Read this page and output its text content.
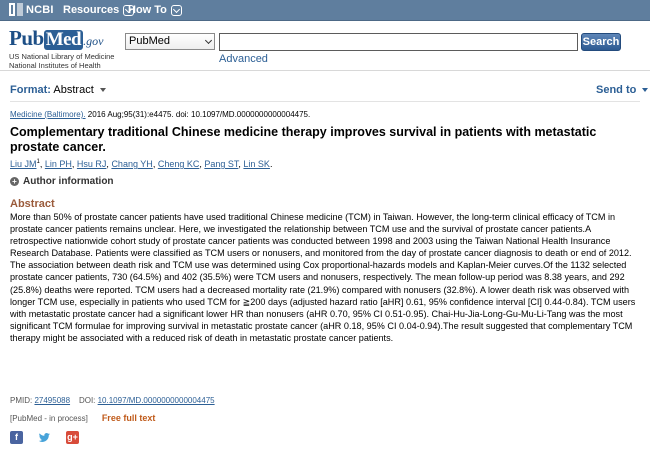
NCBI Resources How To
Pub Med .gov
US National Library of Medicine
National Institutes of Health
PubMed	Search
Advanced
Format: Abstract	Send to
Medicine (Baltimore). 2016 Aug;95(31):e4475. doi: 10.1097/MD.0000000000004475.
Complementary traditional Chinese medicine therapy improves survival in patients with metastatic prostate cancer.
Liu $JM^1$, Lin PH, Hsu RJ, Chang YH, Cheng KC, Pang ST, Lin SK.
+ Author information
Abstract
More than 50% of prostate cancer patients have used traditional Chinese medicine (TCM) in Taiwan. However, the long-term clinical efficacy of TCM in prostate cancer patients remains unclear. Here, we investigated the relationship between TCM use and the survival of prostate cancer patients.A retrospective nationwide cohort study of prostate cancer patients was conducted between 1998 and 2003 using the Taiwan National Health Insurance Research Database. Patients were classified as TCM users or nonusers, and monitored from the day of prostate cancer diagnosis to death or end of 2012. The association between death risk and TCM use was determined using Cox proportional-hazards models and Kaplan-Meier curves.Of the 1132 selected prostate cancer patients, 730 (64.5%) and 402 (35.5%) were TCM users and nonusers, respectively. The mean follow-up period was 8.38 years, and 292 (25.8%) deaths were reported. TCM users had a decreased mortality rate (21.9%) compared with nonusers (32.8%). A lower death risk was observed with longer TCM use, especially in patients who used TCM for ≧200 days (adjusted hazard ratio [aHR] 0.61, 95% confidence interval [CI] 0.44-0.84). TCM users with metastatic prostate cancer had a significant lower HR than nonusers (aHR 0.70, 95% CI 0.51-0.95). Chai-Hu-Jia-Long-Gu-Mu-Li-Tang was the most significant TCM formulae for improving survival in metastatic prostate cancer (aHR 0.18, 95% CI 0.04-0.94).The result suggested that complementary TCM therapy might be associated with a reduced risk of death in metastatic prostate cancer patients.
PMID: 27495088 DOI: 10.1097/MD.0000000000004475
[PubMed - in process] Free full text
f	g+
